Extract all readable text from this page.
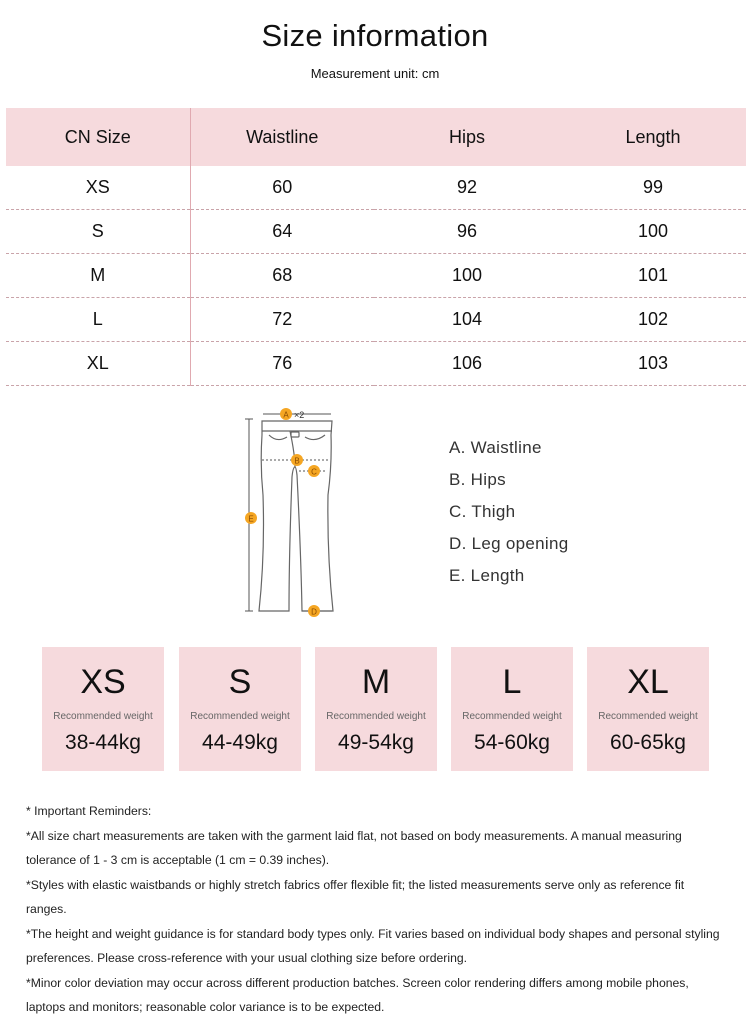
Size information
Measurement unit: cm
CN Size	Waistline	Hips	Length
XS	60	92	99
S	64	96	100
M	68	100	101
L	72	104	102
XL	76	106	103
A ×2
B
C
D
E
A. Waistline
B. Hips
C. Thigh
D. Leg opening
E. Length
XS
Recommended weight
38-44kg
S
Recommended weight
44-49kg
M
Recommended weight
49-54kg
L
Recommended weight
54-60kg
XL
Recommended weight
60-65kg

* Important Reminders:

*All size chart measurements are taken with the garment laid flat, not based on body measurements. A manual measuring tolerance of 1 - 3 cm is acceptable (1 cm = 0.39 inches).

*Styles with elastic waistbands or highly stretch fabrics offer flexible fit; the listed measurements serve only as reference fit ranges.

*The height and weight guidance is for standard body types only. Fit varies based on individual body shapes and personal styling preferences. Please cross-reference with your usual clothing size before ordering.

*Minor color deviation may occur across different production batches. Screen color rendering differs among mobile phones, laptops and monitors; reasonable color variance is to be expected.
